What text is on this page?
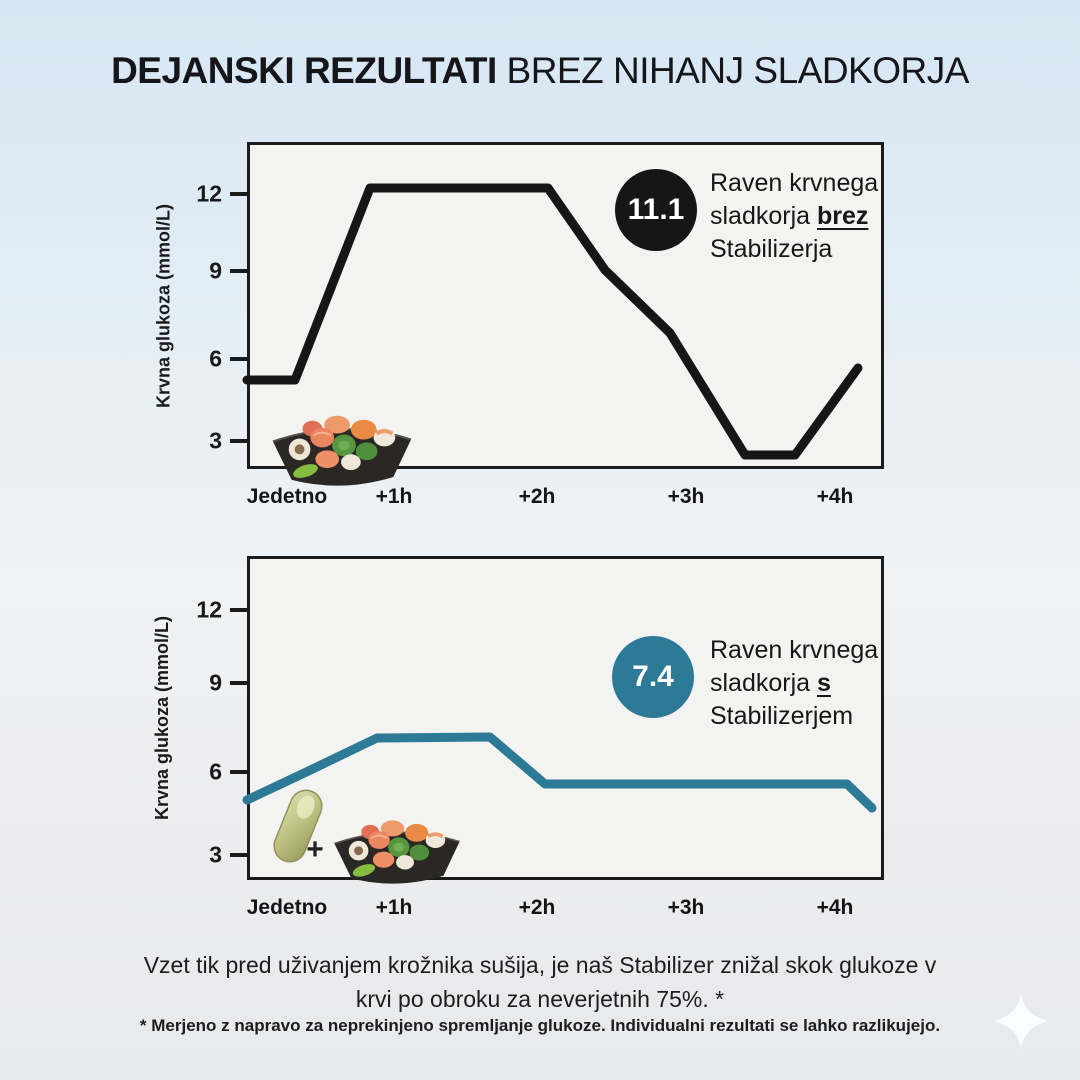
DEJANSKI REZULTATI BREZ NIHANJ SLADKORJA
Krvna glukoza (mmol/L)
12
9
6
3
11.1
Raven krvnega
sladkorja brez
Stabilizerja
Jedetno	+1h	+2h	+3h	+4h
Krvna glukoza (mmol/L)
12
9
6
3	+
7.4
Raven krvnega
sladkorja s
Stabilizerjem
Jedetno	+1h	+2h	+3h	+4h
Vzet tik pred uživanjem krožnika sušija, je naš Stabilizer znižal skok glukoze v
krvi po obroku za neverjetnih 75%. *
* Merjeno z napravo za neprekinjeno spremljanje glukoze. Individualni rezultati se lahko razlikujejo.
